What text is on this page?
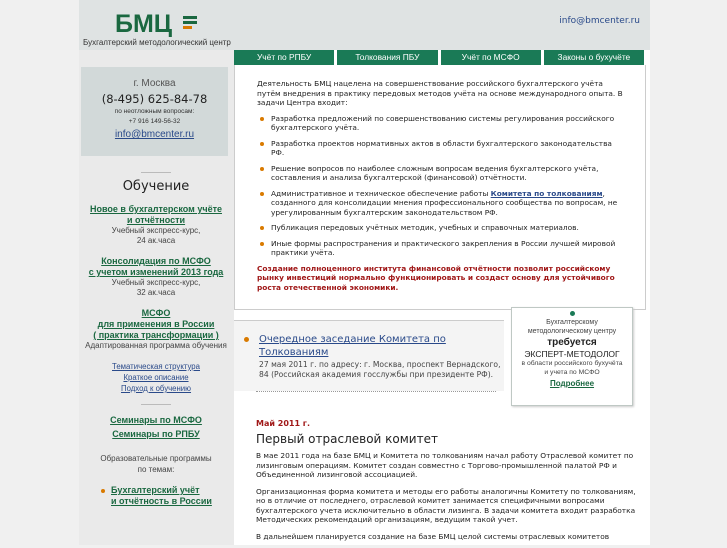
БМЦ
Бухгалтерский методологический центр
info@bmcenter.ru
Учёт по РПБУ	Толкования ПБУ	Учёт по МСФО	Законы о бухучёте
г. Москва
(8-495) 625-84-78
по неотложным вопросам:
+7 916 149-56-32
info@bmcenter.ru
Обучение
Новое в бухгалтерском учёте
и отчётности
Учебный экспресс-курс,
24 ак.часа
Консолидация по МСФО
с учетом изменений 2013 года
Учебный экспресс-курс,
32 ак.часа
МСФО
для применения в России
( практика трансформации )
Адаптированная программа обучения
Тематическая структура
Краткое описание
Подход к обучению
Семинары по МСФО
Семинары по РПБУ
Образовательные программы
по темам:
Бухгалтерский учёт
и отчётность в России

Деятельность БМЦ нацелена на совершенствование российского бухгалтерского учёта путём внедрения в практику передовых методов учёта на основе международного опыта. В задачи Центра входит:

Разработка предложений по совершенствованию системы регулирования российского бухгалтерского учёта.
Разработка проектов нормативных актов в области бухгалтерского законодательства РФ.
Решение вопросов по наиболее сложным вопросам ведения бухгалтерского учёта, составления и анализа бухгалтерской (финансовой) отчётности.
Административное и техническое обеспечение работы Комитета по толкованиям, созданного для консолидации мнения профессионального сообщества по вопросам, не урегулированным бухгалтерским законодательством РФ.
Публикация передовых учётных методик, учебных и справочных материалов.
Иные формы распространения и практического закрепления в России лучшей мировой практики учёта.
Создание полноценного института финансовой отчётности позволит российскому рынку инвестиций нормально функционировать и создаст основу для устойчивого роста отечественной экономики.
Очередное заседание Комитета по Толкованиям
27 мая 2011 г. по адресу: г. Москва, проспект Вернадского, 84 (Российская академия госслужбы при президенте РФ).
Бухгалтерскому
методологическому центру
требуется
ЭКСПЕРТ-МЕТОДОЛОГ
в области российского бухучёта
и учета по МСФО
Подробнее
Май 2011 г.
Первый отраслевой комитет

В мае 2011 года на базе БМЦ и Комитета по толкованиям начал работу Отраслевой комитет по лизинговым операциям. Комитет создан совместно с Торгово-промышленной палатой РФ и Объединенной лизинговой ассоциацией.

Организационная форма комитета и методы его работы аналогичны Комитету по толкованиям, но в отличие от последнего, отраслевой комитет занимается специфичными вопросами бухгалтерского учета исключительно в области лизинга. В задачи комитета входит разработка Методических рекомендаций организациям, ведущим такой учет.

В дальнейшем планируется создание на базе БМЦ целой системы отраслевых комитетов
